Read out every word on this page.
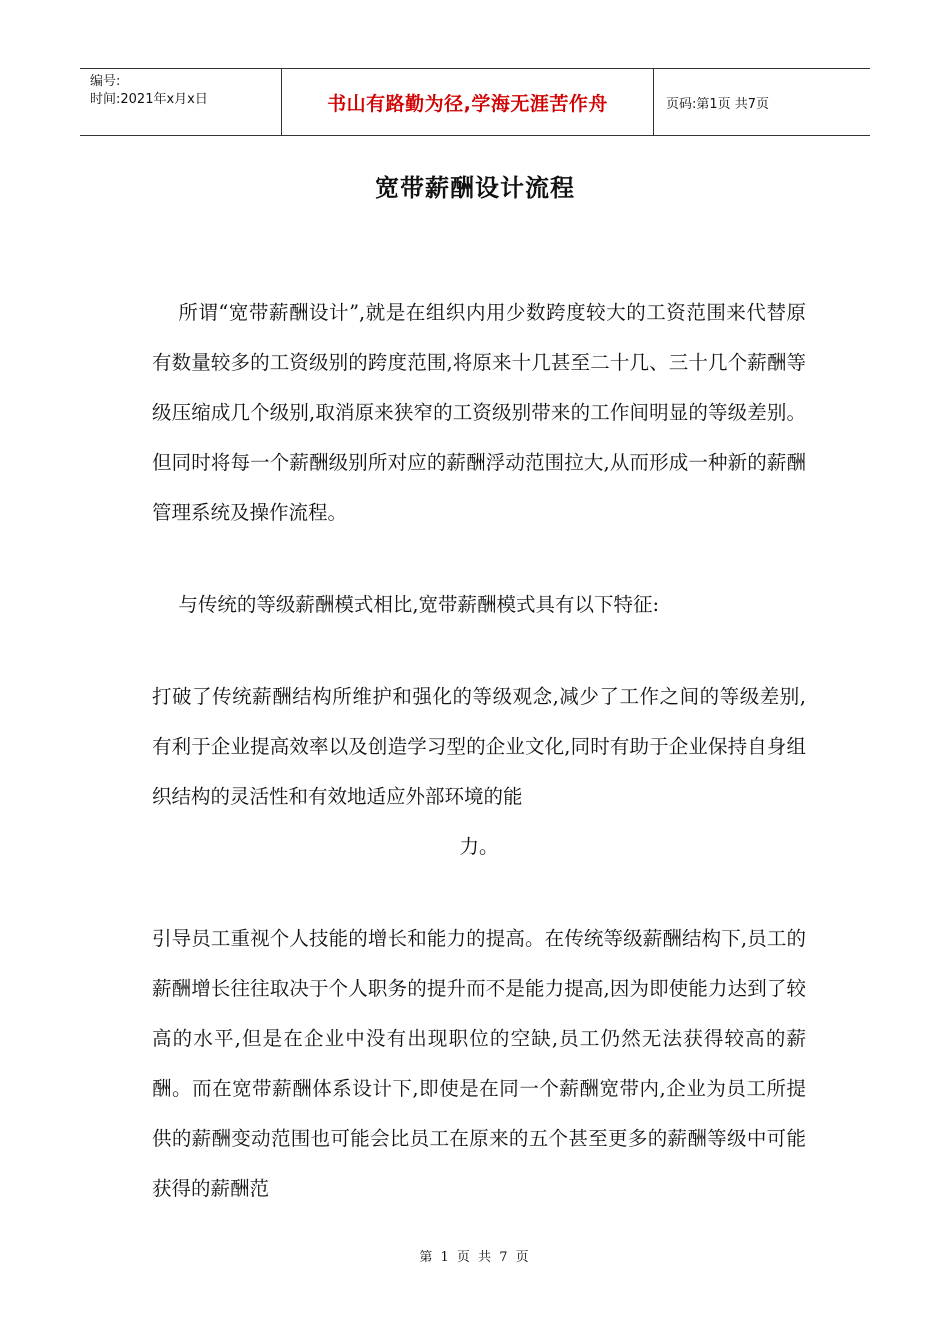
编号:
时间:2021年x月x日	书山有路勤为径,学海无涯苦作舟	页码:第1页 共7页
宽带薪酬设计流程

所谓“宽带薪酬设计”,就是在组织内用少数跨度较大的工资范围来代替原有数量较多的工资级别的跨度范围,将原来十几甚至二十几、三十几个薪酬等级压缩成几个级别,取消原来狭窄的工资级别带来的工作间明显的等级差别。但同时将每一个薪酬级别所对应的薪酬浮动范围拉大,从而形成一种新的薪酬管理系统及操作流程。

与传统的等级薪酬模式相比,宽带薪酬模式具有以下特征:

打破了传统薪酬结构所维护和强化的等级观念,减少了工作之间的等级差别,有利于企业提高效率以及创造学习型的企业文化,同时有助于企业保持自身组织结构的灵活性和有效地适应外部环境的能

力。

引导员工重视个人技能的增长和能力的提高。在传统等级薪酬结构下,员工的薪酬增长往往取决于个人职务的提升而不是能力提高,因为即使能力达到了较高的水平,但是在企业中没有出现职位的空缺,员工仍然无法获得较高的薪酬。而在宽带薪酬体系设计下,即使是在同一个薪酬宽带内,企业为员工所提供的薪酬变动范围也可能会比员工在原来的五个甚至更多的薪酬等级中可能获得的薪酬范

第 1 页 共 7 页
